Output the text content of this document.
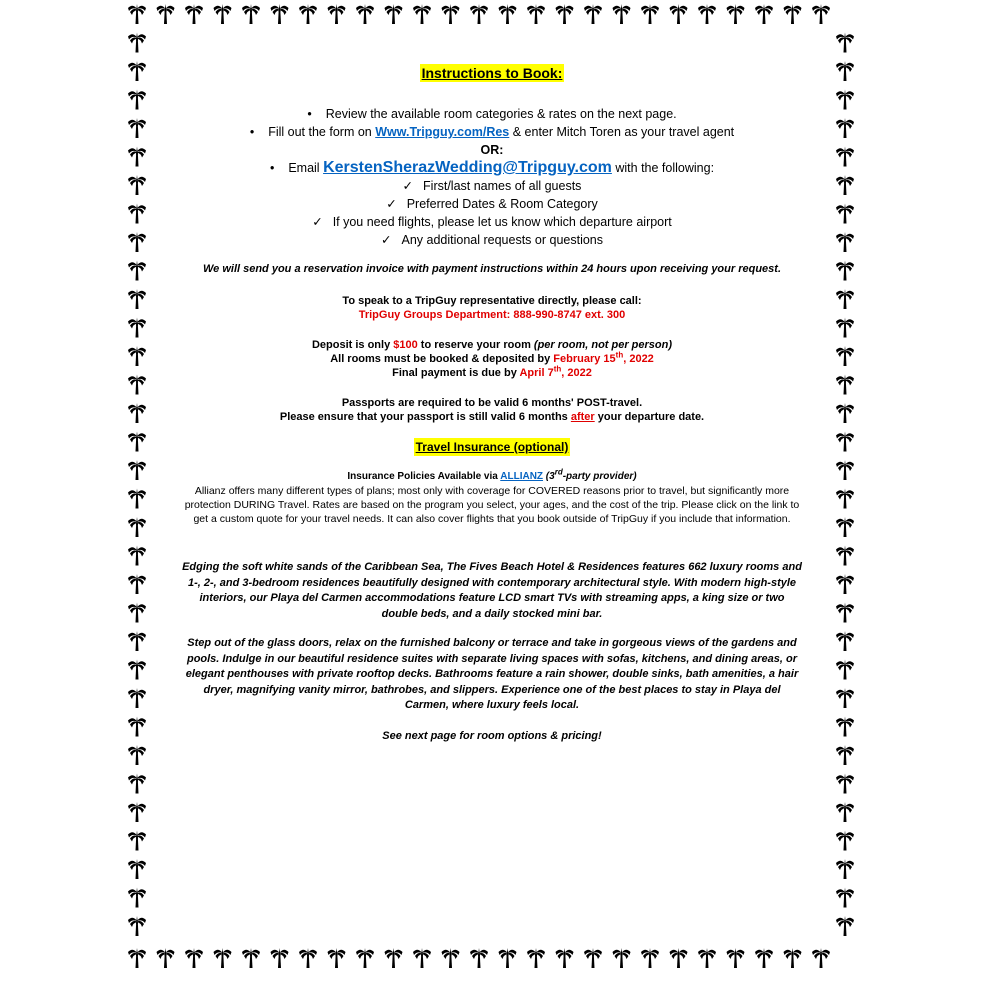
Instructions to Book:
• Review the available room categories & rates on the next page.
• Fill out the form on Www.Tripguy.com/Res & enter Mitch Toren as your travel agent
OR:
• Email KerstenSherazWedding@Tripguy.com with the following:
✓ First/last names of all guests
✓ Preferred Dates & Room Category
✓ If you need flights, please let us know which departure airport
✓ Any additional requests or questions

We will send you a reservation invoice with payment instructions within 24 hours upon receiving your request.

To speak to a TripGuy representative directly, please call:
TripGuy Groups Department: 888-990-8747 ext. 300
Deposit is only $100 to reserve your room (per room, not per person)
All rooms must be booked & deposited by February 15th, 2022
Final payment is due by April 7th, 2022
Passports are required to be valid 6 months' POST-travel.
Please ensure that your passport is still valid 6 months after your departure date.
Travel Insurance (optional)
Insurance Policies Available via ALLIANZ (3rd-party provider)
Allianz offers many different types of plans; most only with coverage for COVERED reasons prior to travel, but significantly more protection DURING Travel. Rates are based on the program you select, your ages, and the cost of the trip. Please click on the link to get a custom quote for your travel needs. It can also cover flights that you book outside of TripGuy if you include that information.

Edging the soft white sands of the Caribbean Sea, The Fives Beach Hotel & Residences features 662 luxury rooms and 1-, 2-, and 3-bedroom residences beautifully designed with contemporary architectural style. With modern high-style interiors, our Playa del Carmen accommodations feature LCD smart TVs with streaming apps, a king size or two double beds, and a daily stocked mini bar.

Step out of the glass doors, relax on the furnished balcony or terrace and take in gorgeous views of the gardens and pools. Indulge in our beautiful residence suites with separate living spaces with sofas, kitchens, and dining areas, or elegant penthouses with private rooftop decks. Bathrooms feature a rain shower, double sinks, bath amenities, a hair dryer, magnifying vanity mirror, bathrobes, and slippers. Experience one of the best places to stay in Playa del Carmen, where luxury feels local.

See next page for room options & pricing!
